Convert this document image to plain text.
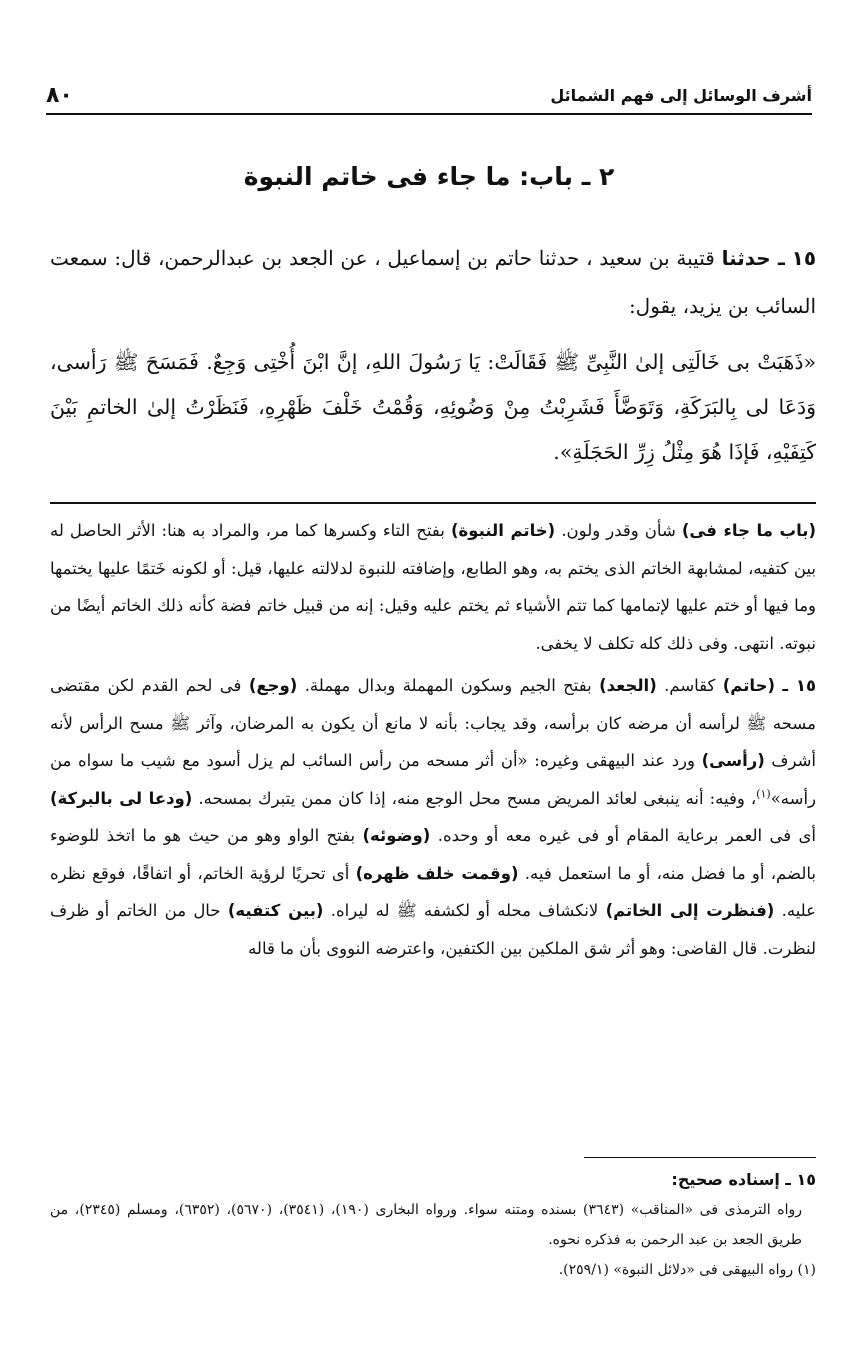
أشرف الوسائل إلى فهم الشمائل
٨٠
٢ ـ باب: ما جاء فى خاتم النبوة
١٥ ـ حدثنا قتيبة بن سعيد ، حدثنا حاتم بن إسماعيل ، عن الجعد بن عبدالرحمن، قال: سمعت السائب بن يزيد، يقول:
«ذَهَبَتْ بى خَالَتِى إلىٰ النَّبِىِّ ﷺ فَقَالَتْ: يَا رَسُولَ اللهِ، إنَّ ابْنَ أُخْتِى وَجِعٌ. فَمَسَحَ ﷺ رَأسى، وَدَعَا لى بِالبَرَكَةِ، وَتَوَضَّأَ فَشَرِبْتُ مِنْ وَضُوئِهِ، وَقُمْتُ خَلْفَ ظَهْرِهِ، فَنَظَرْتُ إلىٰ الخاتمِ بَيْنَ كَتِفَيْهِ، فَإذَا هُوَ مِثْلُ زِرِّ الحَجَلَةِ».

(باب ما جاء فى) شأن وقدر ولون. (خاتم النبوة) بفتح التاء وكسرها كما مر، والمراد به هنا: الأثر الحاصل له بين كتفيه، لمشابهة الخاتم الذى يختم به، وهو الطابع، وإضافته للنبوة لدلالته عليها، قيل: أو لكونه خَتمًا عليها يختمها وما فيها أو ختم عليها لإتمامها كما تتم الأشياء ثم يختم عليه وقيل: إنه من قبيل خاتم فضة كأنه ذلك الخاتم أيضًا من نبوته. انتهى. وفى ذلك كله تكلف لا يخفى.

١٥ ـ (حاتم) كقاسم. (الجعد) بفتح الجيم وسكون المهملة وبدال مهملة. (وجع) فى لحم القدم لكن مقتضى مسحه ﷺ لرأسه أن مرضه كان برأسه، وقد يجاب: بأنه لا مانع أن يكون به المرضان، وآثر ﷺ مسح الرأس لأنه أشرف (رأسى) ورد عند البيهقى وغيره: «أن أثر مسحه من رأس السائب لم يزل أسود مع شيب ما سواه من رأسه»$^{(١)}$، وفيه: أنه ينبغى لعائد المريض مسح محل الوجع منه، إذا كان ممن يتبرك بمسحه. (ودعا لى بالبركة) أى فى العمر برعاية المقام أو فى غيره معه أو وحده. (وضوئه) بفتح الواو وهو من حيث هو ما اتخذ للوضوء بالضم، أو ما فضل منه، أو ما استعمل فيه. (وقمت خلف ظهره) أى تحريًا لرؤية الخاتم، أو اتفاقًا، فوقع نظره عليه. (فنظرت إلى الخاتم) لانكشاف محله أو لكشفه ﷺ له ليراه. (بين كتفيه) حال من الخاتم أو ظرف لنظرت. قال القاضى: وهو أثر شق الملكين بين الكتفين، واعترضه النووى بأن ما قاله

١٥ ـ إسناده صحيح:

رواه الترمذى فى «المناقب» (٣٦٤٣) بسنده ومتنه سواء. ورواه البخارى (١٩٠)، (٣٥٤١)، (٥٦٧٠)، (٦٣٥٢)، ومسلم (٢٣٤٥)، من طريق الجعد بن عبد الرحمن به فذكره نحوه.

(١) رواه البيهقى فى «دلائل النبوة» (٢٥٩/١).
